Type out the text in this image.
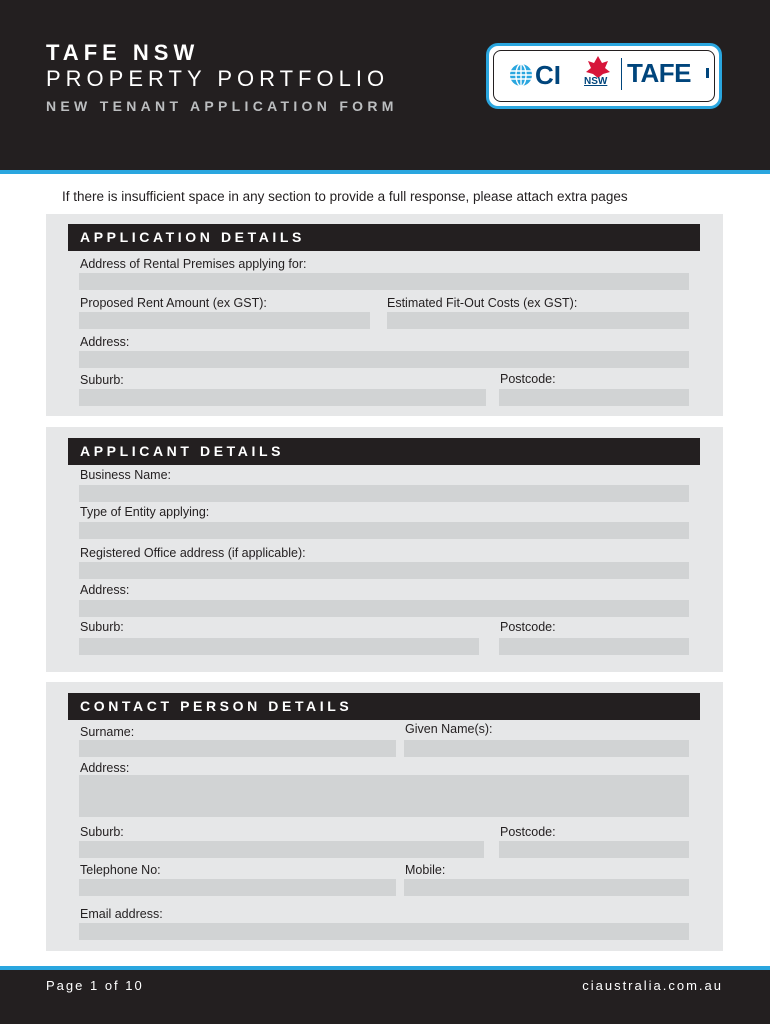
TAFE NSW
PROPERTY PORTFOLIO
NEW TENANT APPLICATION FORM
CI NSW TAFE
If there is insufficient space in any section to provide a full response, please attach extra pages
APPLICATION DETAILS
Address of Rental Premises applying for:
Proposed Rent Amount (ex GST):	Estimated Fit-Out Costs (ex GST):
Address:
Suburb:	Postcode:
APPLICANT DETAILS
Business Name:
Type of Entity applying:
Registered Office address (if applicable):
Address:
Suburb:	Postcode:
CONTACT PERSON DETAILS
Surname:	Given Name(s):
Address:
Suburb:	Postcode:
Telephone No:	Mobile:
Email address:
Page 1 of 10	ciaustralia.com.au
